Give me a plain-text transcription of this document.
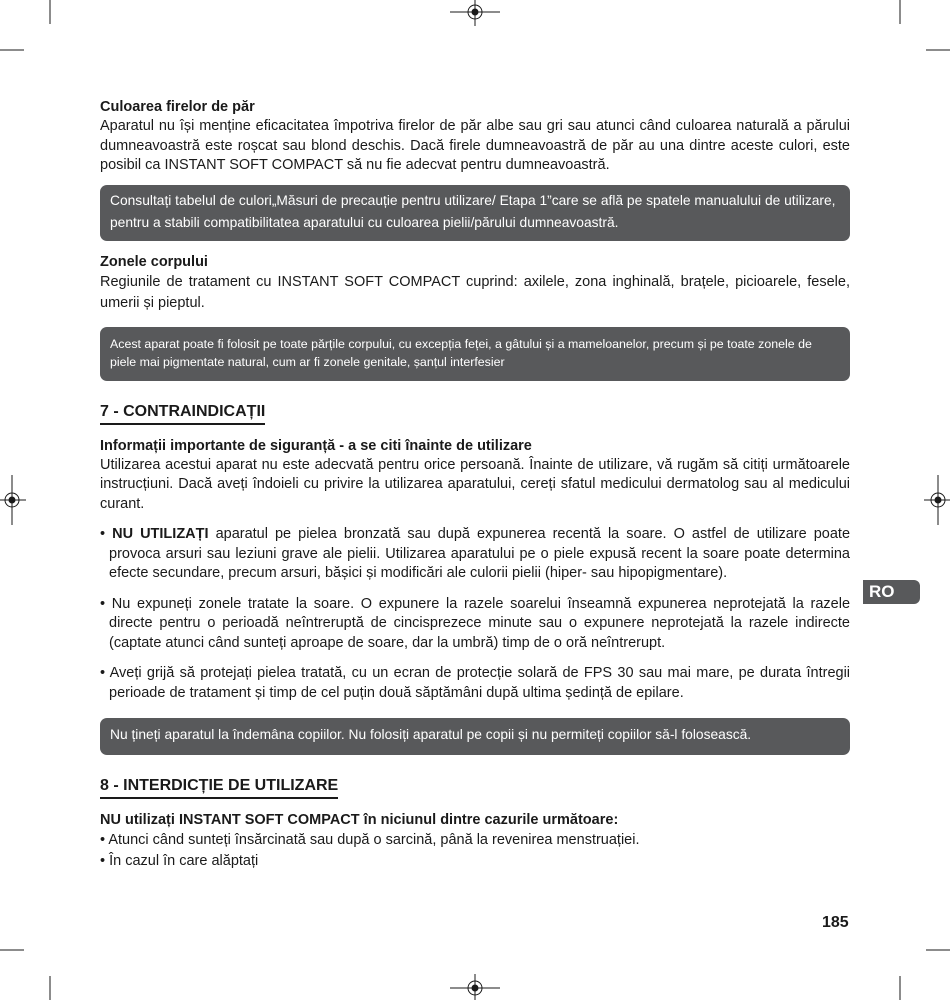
Culoarea firelor de păr

Aparatul nu își menține eficacitatea împotriva firelor de păr albe sau gri sau atunci când culoarea naturală a părului dumneavoastră este roșcat sau blond deschis. Dacă firele dumneavoastră de păr au una dintre aceste culori, este posibil ca INSTANT SOFT COMPACT să nu fie adecvat pentru dumneavoastră.

Consultați tabelul de culori„Măsuri de precauție pentru utilizare/ Etapa 1”care se află pe spatele manualului de utilizare, pentru a stabili compatibilitatea aparatului cu culoarea pielii/părului dumneavoastră.

Zonele corpului

Regiunile de tratament cu INSTANT SOFT COMPACT cuprind: axilele, zona inghinală, brațele, picioarele, fesele, umerii și pieptul.

Acest aparat poate fi folosit pe toate părțile corpului, cu excepția feței, a gâtului și a mameloanelor, precum și pe toate zonele de piele mai pigmentate natural, cum ar fi zonele genitale, șanțul interfesier

7 - CONTRAINDICAȚII

Informații importante de siguranță - a se citi înainte de utilizare

Utilizarea acestui aparat nu este adecvată pentru orice persoană. Înainte de utilizare, vă rugăm să citiți următoarele instrucțiuni. Dacă aveți îndoieli cu privire la utilizarea aparatului, cereți sfatul medicului dermatolog sau al medicului curant.

• NU UTILIZAȚI aparatul pe pielea bronzată sau după expunerea recentă la soare. O astfel de utilizare poate provoca arsuri sau leziuni grave ale pielii. Utilizarea aparatului pe o piele expusă recent la soare poate determina efecte secundare, precum arsuri, bășici și modificări ale culorii pielii (hiper- sau hipopigmentare).

• Nu expuneți zonele tratate la soare. O expunere la razele soarelui înseamnă expunerea neprotejată la razele directe pentru o perioadă neîntreruptă de cincisprezece minute sau o expunere neprotejată la razele indirecte (captate atunci când sunteți aproape de soare, dar la umbră) timp de o oră neîntrerupt.

• Aveți grijă să protejați pielea tratată, cu un ecran de protecție solară de FPS 30 sau mai mare, pe durata întregii perioade de tratament și timp de cel puțin două săptămâni după ultima ședință de epilare.

Nu țineți aparatul la îndemâna copiilor. Nu folosiți aparatul pe copii și nu permiteți copiilor să-l folosească.

8 - INTERDICȚIE DE UTILIZARE

NU utilizați INSTANT SOFT COMPACT în niciunul dintre cazurile următoare:

• Atunci când sunteți însărcinată sau după o sarcină, până la revenirea menstruației.

• În cazul în care alăptați

RO
185
